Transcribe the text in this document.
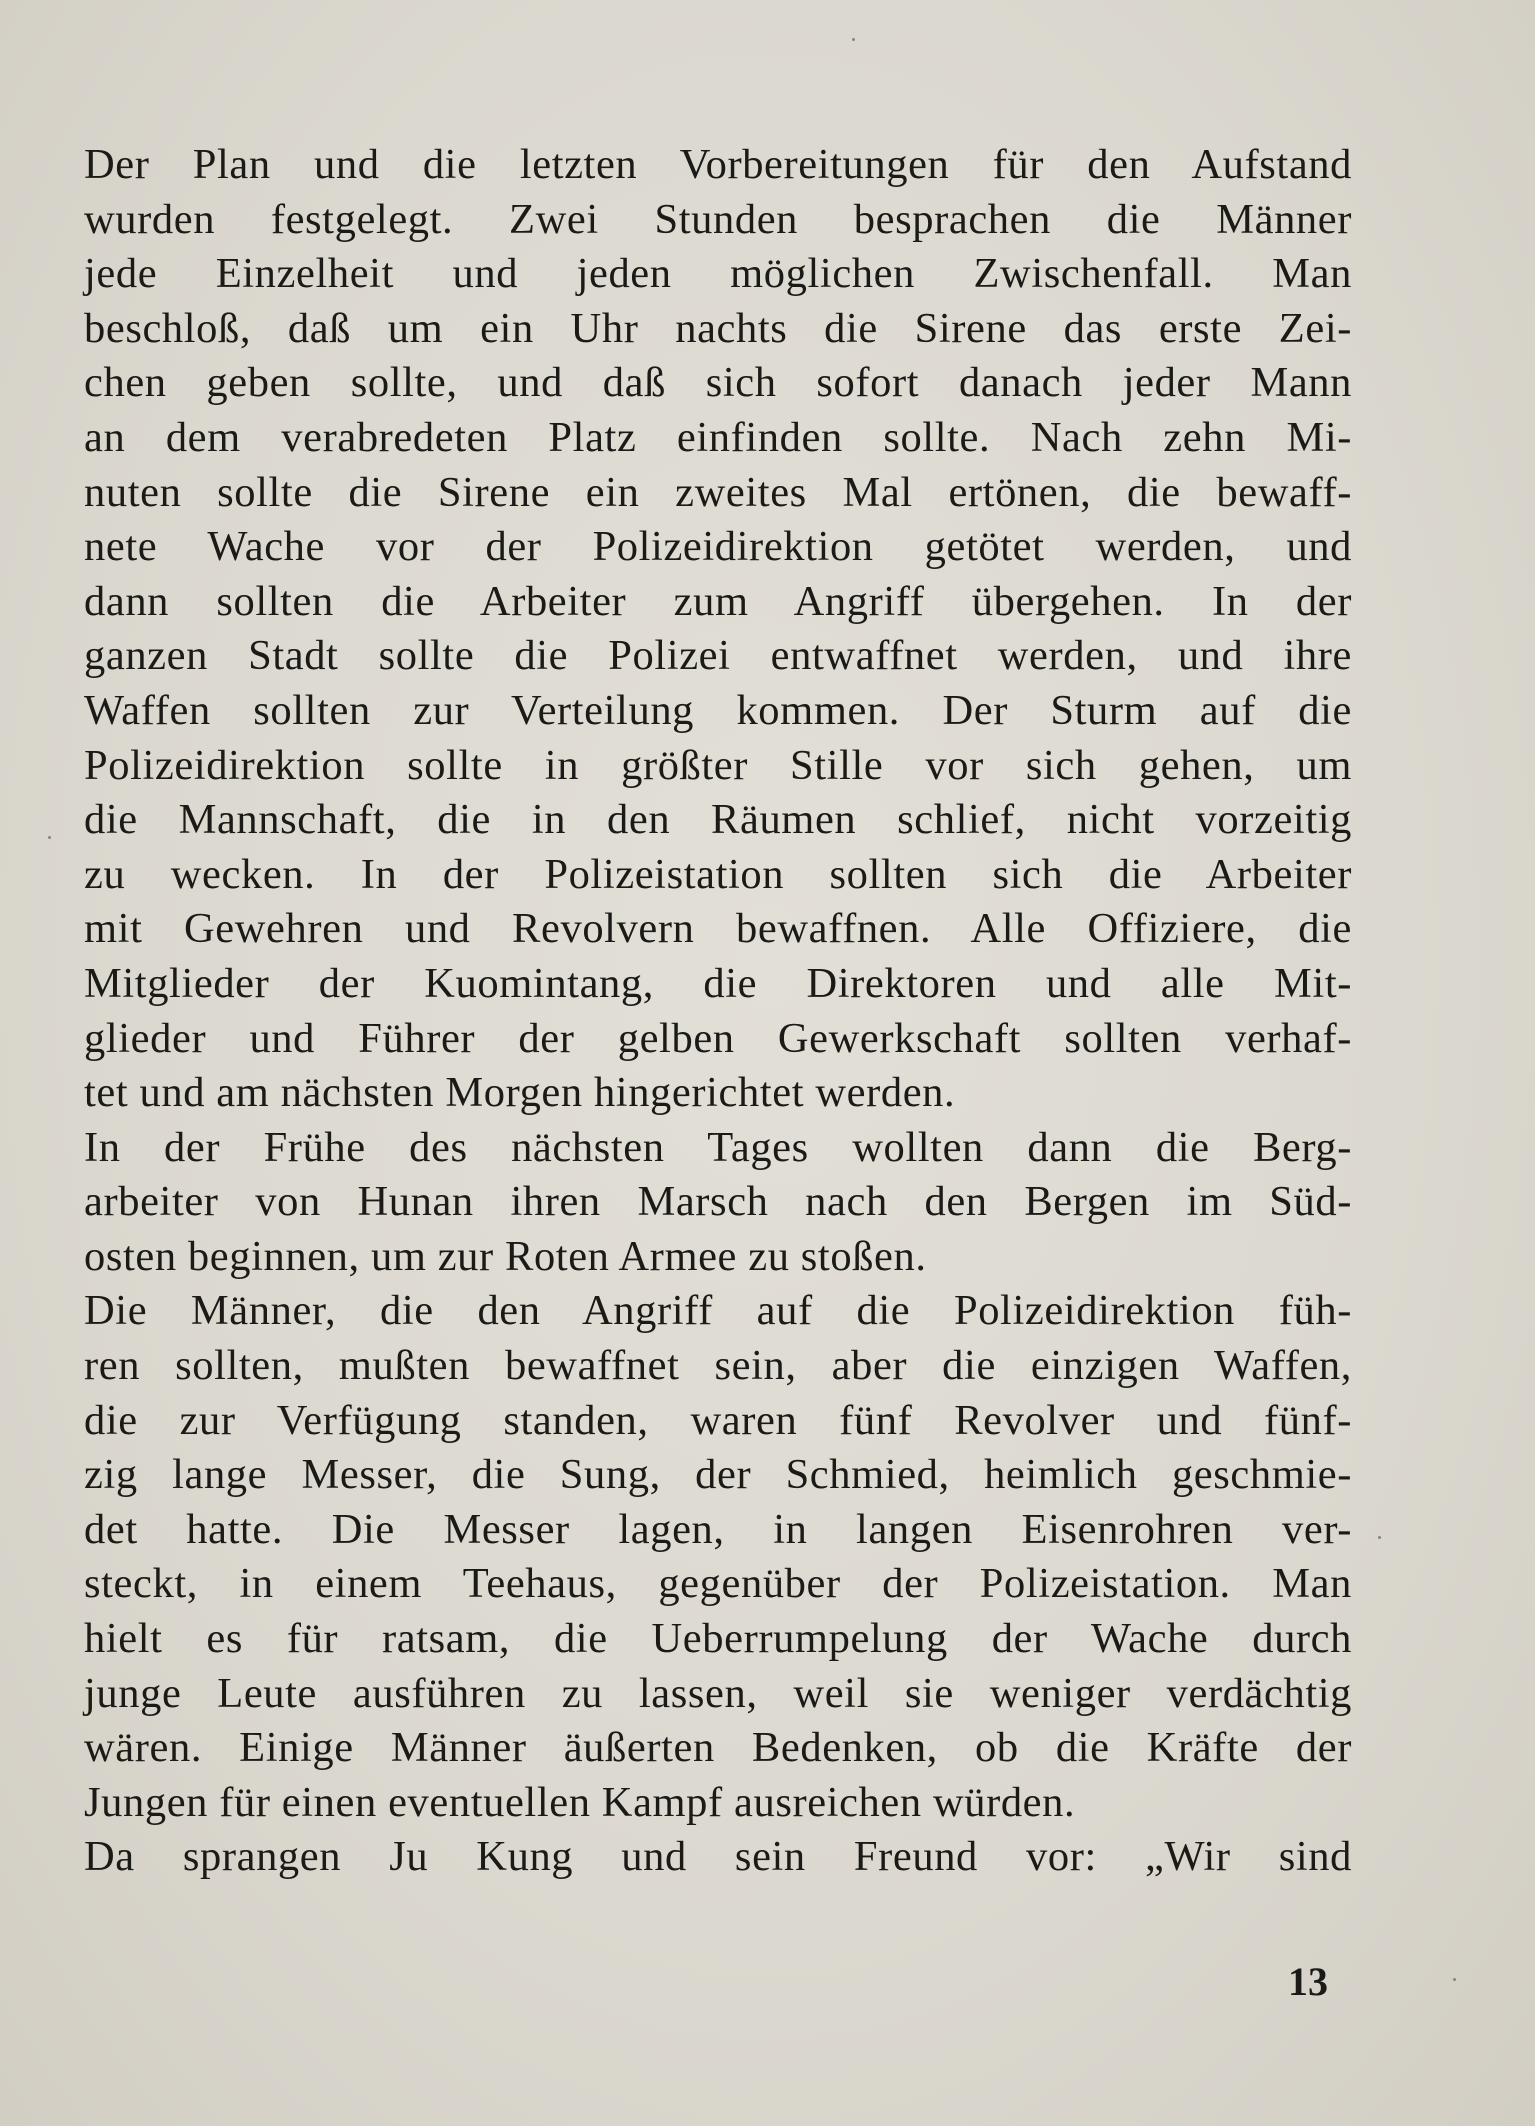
Der Plan und die letzten Vorbereitungen für den Aufstand
wurden festgelegt. Zwei Stunden besprachen die Männer
jede Einzelheit und jeden möglichen Zwischenfall. Man
beschloß, daß um ein Uhr nachts die Sirene das erste Zei-
chen geben sollte, und daß sich sofort danach jeder Mann
an dem verabredeten Platz einfinden sollte. Nach zehn Mi-
nuten sollte die Sirene ein zweites Mal ertönen, die bewaff-
nete Wache vor der Polizeidirektion getötet werden, und
dann sollten die Arbeiter zum Angriff übergehen. In der
ganzen Stadt sollte die Polizei entwaffnet werden, und ihre
Waffen sollten zur Verteilung kommen. Der Sturm auf die
Polizeidirektion sollte in größter Stille vor sich gehen, um
die Mannschaft, die in den Räumen schlief, nicht vorzeitig
zu wecken. In der Polizeistation sollten sich die Arbeiter
mit Gewehren und Revolvern bewaffnen. Alle Offiziere, die
Mitglieder der Kuomintang, die Direktoren und alle Mit-
glieder und Führer der gelben Gewerkschaft sollten verhaf-
tet und am nächsten Morgen hingerichtet werden.
In der Frühe des nächsten Tages wollten dann die Berg-
arbeiter von Hunan ihren Marsch nach den Bergen im Süd-
osten beginnen, um zur Roten Armee zu stoßen.
Die Männer, die den Angriff auf die Polizeidirektion füh-
ren sollten, mußten bewaffnet sein, aber die einzigen Waffen,
die zur Verfügung standen, waren fünf Revolver und fünf-
zig lange Messer, die Sung, der Schmied, heimlich geschmie-
det hatte. Die Messer lagen, in langen Eisenrohren ver-
steckt, in einem Teehaus, gegenüber der Polizeistation. Man
hielt es für ratsam, die Ueberrumpelung der Wache durch
junge Leute ausführen zu lassen, weil sie weniger verdächtig
wären. Einige Männer äußerten Bedenken, ob die Kräfte der
Jungen für einen eventuellen Kampf ausreichen würden.
Da sprangen Ju Kung und sein Freund vor: „Wir sind
13
